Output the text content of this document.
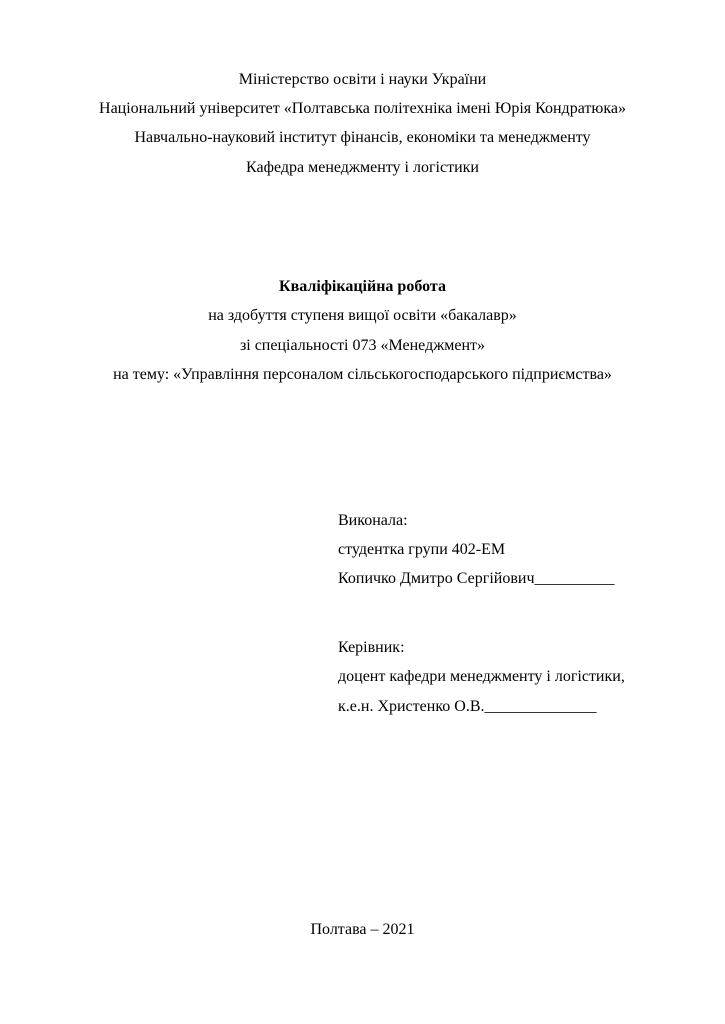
Міністерство освіти і науки України
Національний університет «Полтавська політехніка імені Юрія Кондратюка»
Навчально-науковий інститут фінансів, економіки та менеджменту
Кафедра менеджменту і логістики
Кваліфікаційна робота
на здобуття ступеня вищої освіти «бакалавр»
зі спеціальності 073 «Менеджмент»
на тему: «Управління персоналом сільськогосподарського підприємства»
Виконала:
студентка групи 402-ЕМ
Копичко Дмитро Сергійович__________
Керівник:
доцент кафедри менеджменту і логістики,
к.е.н. Христенко О.В.______________
Полтава – 2021
